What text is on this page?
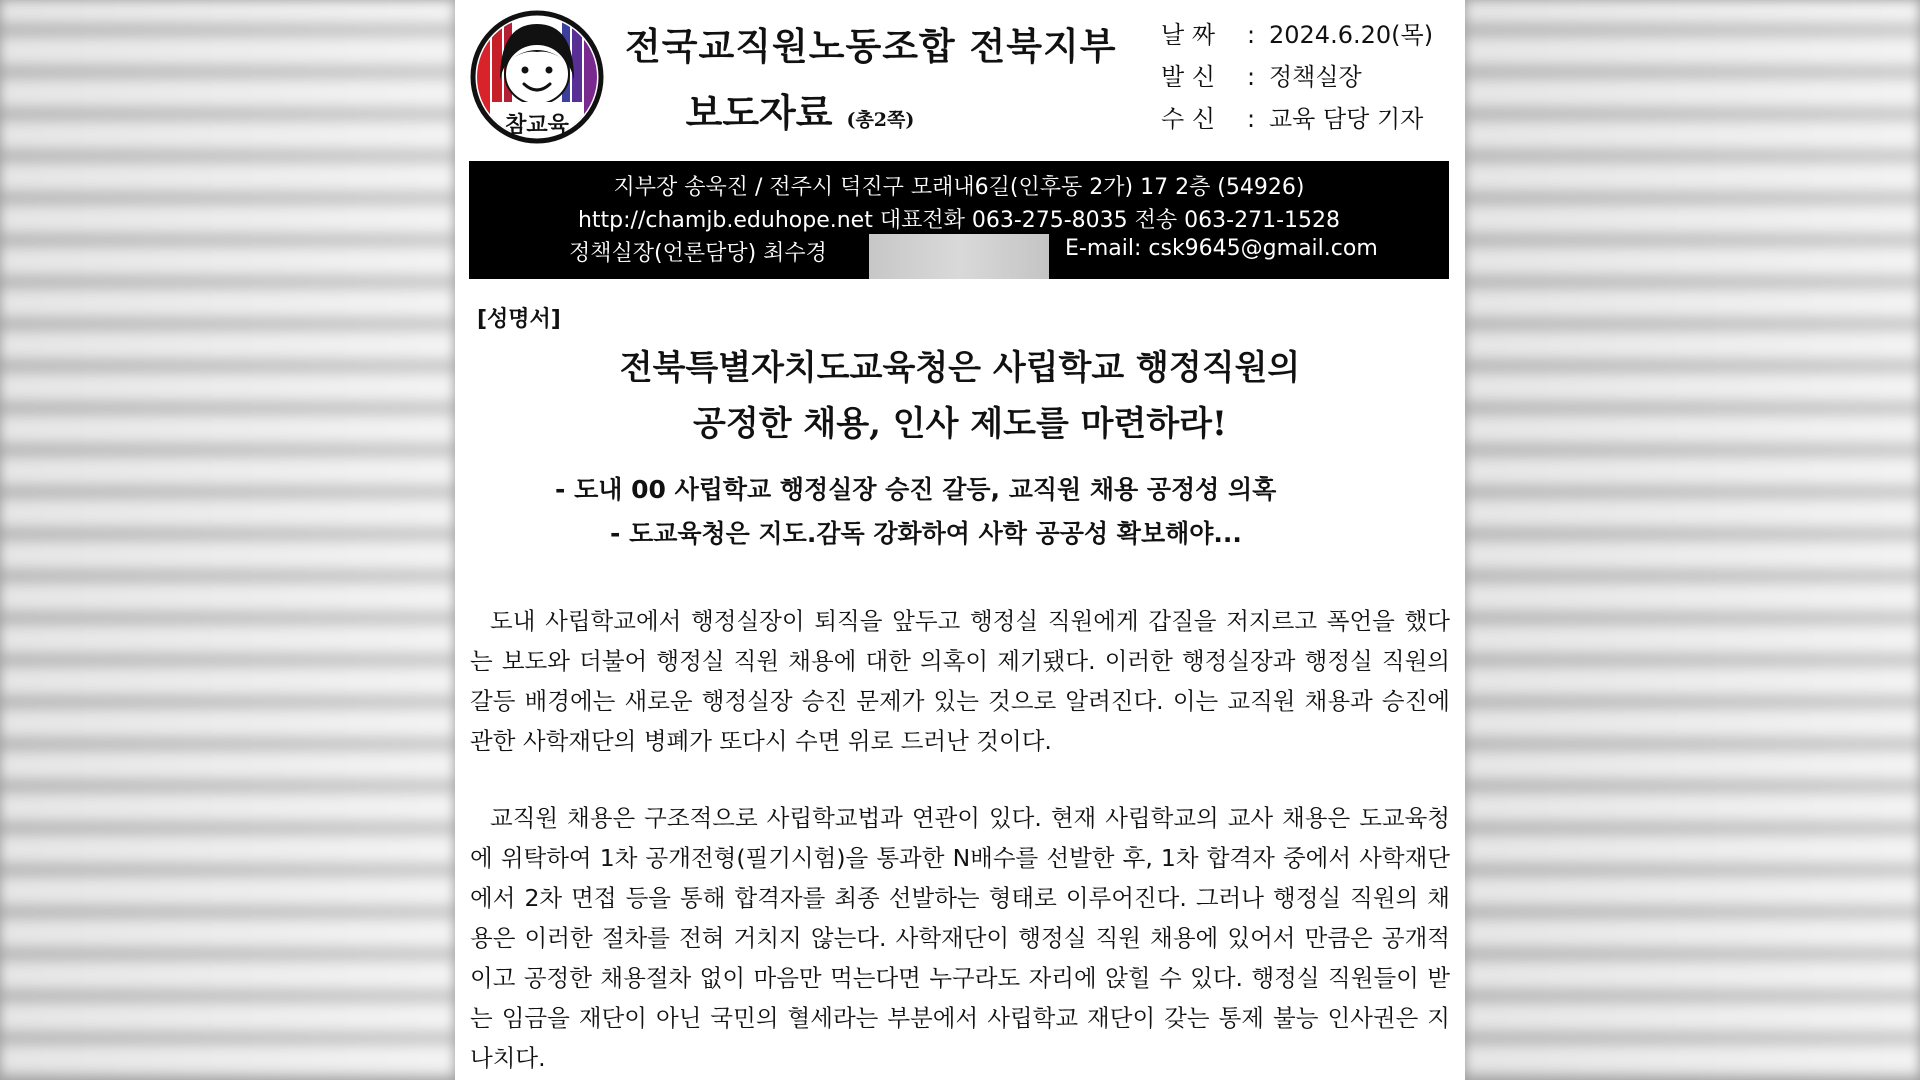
참교육
전국교직원노동조합 전북지부
보도자료 (총2쪽)
날 짜 : 2024.6.20(목)
발 신 : 정책실장
수 신 : 교육 담당 기자
지부장 송욱진 / 전주시 덕진구 모래내6길(인후동 2가) 17 2층 (54926)
http://chamjb.eduhope.net 대표전화 063-275-8035 전송 063-271-1528
정책실장(언론담당) 최수경	E-mail: csk9645@gmail.com
[성명서]
전북특별자치도교육청은 사립학교 행정직원의
공정한 채용, 인사 제도를 마련하라!
- 도내 00 사립학교 행정실장 승진 갈등, 교직원 채용 공정성 의혹
- 도교육청은 지도.감독 강화하여 사학 공공성 확보해야...
도내 사립학교에서 행정실장이 퇴직을 앞두고 행정실 직원에게 갑질을 저지르고 폭언을 했다는 보도와 더불어 행정실 직원 채용에 대한 의혹이 제기됐다. 이러한 행정실장과 행정실 직원의 갈등 배경에는 새로운 행정실장 승진 문제가 있는 것으로 알려진다. 이는 교직원 채용과 승진에 관한 사학재단의 병폐가 또다시 수면 위로 드러난 것이다.
교직원 채용은 구조적으로 사립학교법과 연관이 있다. 현재 사립학교의 교사 채용은 도교육청에 위탁하여 1차 공개전형(필기시험)을 통과한 N배수를 선발한 후, 1차 합격자 중에서 사학재단에서 2차 면접 등을 통해 합격자를 최종 선발하는 형태로 이루어진다. 그러나 행정실 직원의 채용은 이러한 절차를 전혀 거치지 않는다. 사학재단이 행정실 직원 채용에 있어서 만큼은 공개적이고 공정한 채용절차 없이 마음만 먹는다면 누구라도 자리에 앉힐 수 있다. 행정실 직원들이 받는 임금을 재단이 아닌 국민의 혈세라는 부분에서 사립학교 재단이 갖는 통제 불능 인사권은 지나치다.
